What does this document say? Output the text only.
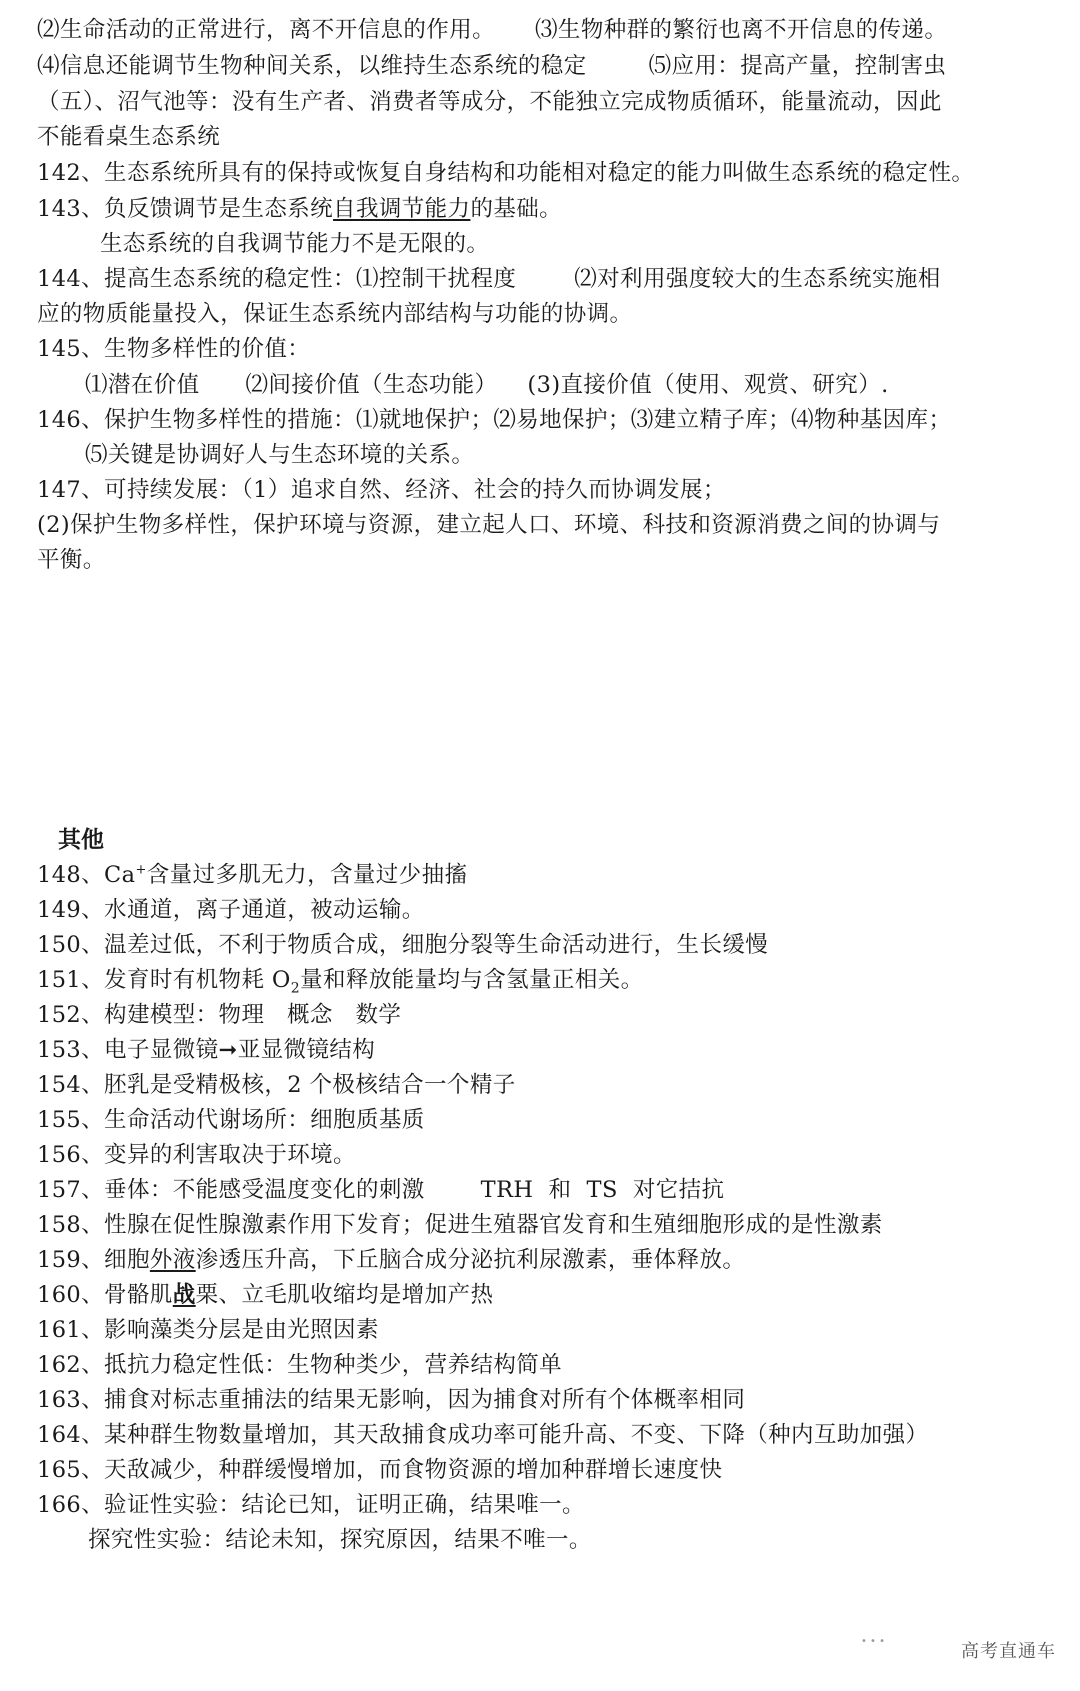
⑵生命活动的正常进行，离不开信息的作用。 ⑶生物种群的繁衍也离不开信息的传递。
⑷信息还能调节生物种间关系，以维持生态系统的稳定	⑸应用：提高产量，控制害虫
（五）、沼气池等：没有生产者、消费者等成分，不能独立完成物质循环，能量流动，因此
不能看桌生态系统
142、生态系统所具有的保持或恢复自身结构和功能相对稳定的能力叫做生态系统的稳定性。
143、负反馈调节是生态系统自我调节能力的基础。
生态系统的自我调节能力不是无限的。
144、提高生态系统的稳定性：⑴控制干扰程度	⑵对利用强度较大的生态系统实施相
应的物质能量投入，保证生态系统内部结构与功能的协调。
145、生物多样性的价值：
⑴潜在价值 ⑵间接价值（生态功能） (3)直接价值（使用、观赏、研究）.
146、保护生物多样性的措施：⑴就地保护；⑵易地保护；⑶建立精子库；⑷物种基因库；
⑸关键是协调好人与生态环境的关系。
147、可持续发展：（1）追求自然、经济、社会的持久而协调发展；
(2)保护生物多样性，保护环境与资源，建立起人口、环境、科技和资源消费之间的协调与
平衡。
其他
148、Ca+含量过多肌无力，含量过少抽搐
149、水通道，离子通道，被动运输。
150、温差过低，不利于物质合成，细胞分裂等生命活动进行，生长缓慢
151、发育时有机物耗 $O_2$量和释放能量均与含氢量正相关。
152、构建模型：物理   概念   数学
153、电子显微镜➞亚显微镜结构
154、胚乳是受精极核，2 个极核结合一个精子
155、生命活动代谢场所：细胞质基质
156、变异的利害取决于环境。
157、垂体：不能感受温度变化的刺激 TRH  和  TS  对它拮抗
158、性腺在促性腺激素作用下发育；促进生殖器官发育和生殖细胞形成的是性激素
159、细胞外液渗透压升高，下丘脑合成分泌抗利尿激素，垂体释放。
160、骨骼肌战栗、立毛肌收缩均是增加产热
161、影响藻类分层是由光照因素
162、抵抗力稳定性低：生物种类少，营养结构简单
163、捕食对标志重捕法的结果无影响，因为捕食对所有个体概率相同
164、某种群生物数量增加，其天敌捕食成功率可能升高、不变、下降（种内互助加强）
165、天敌减少，种群缓慢增加，而食物资源的增加种群增长速度快
166、验证性实验：结论已知，证明正确，结果唯一。
探究性实验：结论未知，探究原因，结果不唯一。
• • •	高考直通车
